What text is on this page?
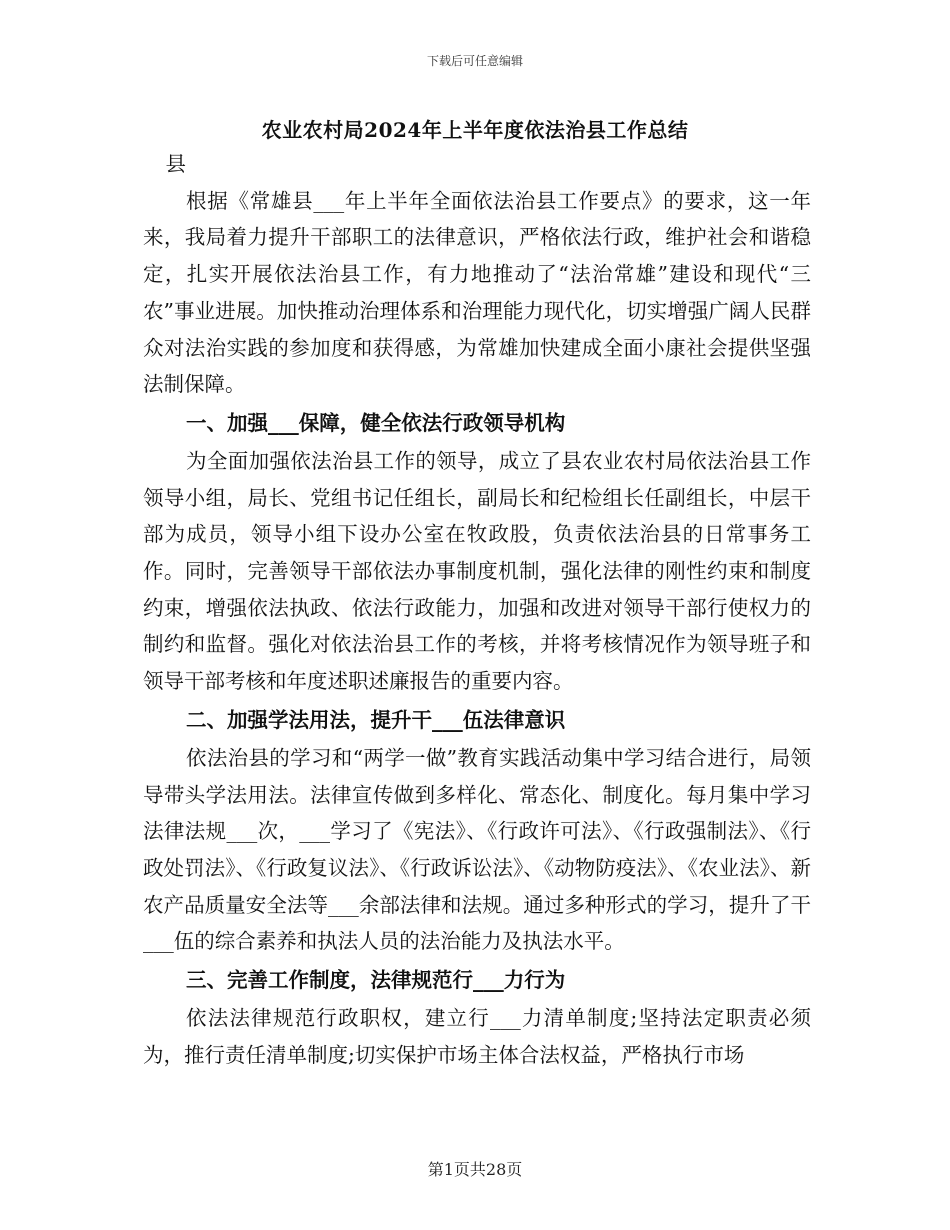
下载后可任意编辑
农业农村局2024年上半年度依法治县工作总结

县

根据《常雄县___年上半年全面依法治县工作要点》的要求，这一年来，我局着力提升干部职工的法律意识，严格依法行政，维护社会和谐稳定，扎实开展依法治县工作，有力地推动了“法治常雄”建设和现代“三农”事业进展。加快推动治理体系和治理能力现代化，切实增强广阔人民群众对法治实践的参加度和获得感，为常雄加快建成全面小康社会提供坚强法制保障。

一、加强___保障，健全依法行政领导机构

为全面加强依法治县工作的领导，成立了县农业农村局依法治县工作领导小组，局长、党组书记任组长，副局长和纪检组长任副组长，中层干部为成员，领导小组下设办公室在牧政股，负责依法治县的日常事务工作。同时，完善领导干部依法办事制度机制，强化法律的刚性约束和制度约束，增强依法执政、依法行政能力，加强和改进对领导干部行使权力的制约和监督。强化对依法治县工作的考核，并将考核情况作为领导班子和领导干部考核和年度述职述廉报告的重要内容。

二、加强学法用法，提升干___伍法律意识

依法治县的学习和“两学一做”教育实践活动集中学习结合进行，局领导带头学法用法。法律宣传做到多样化、常态化、制度化。每月集中学习法律法规___次，___学习了《宪法》、《行政许可法》、《行政强制法》、《行政处罚法》、《行政复议法》、《行政诉讼法》、《动物防疫法》、《农业法》、新农产品质量安全法等___余部法律和法规。通过多种形式的学习，提升了干___伍的综合素养和执法人员的法治能力及执法水平。

三、完善工作制度，法律规范行___力行为

依法法律规范行政职权，建立行___力清单制度;坚持法定职责必须为，推行责任清单制度;切实保护市场主体合法权益，严格执行市场

第1页共28页
